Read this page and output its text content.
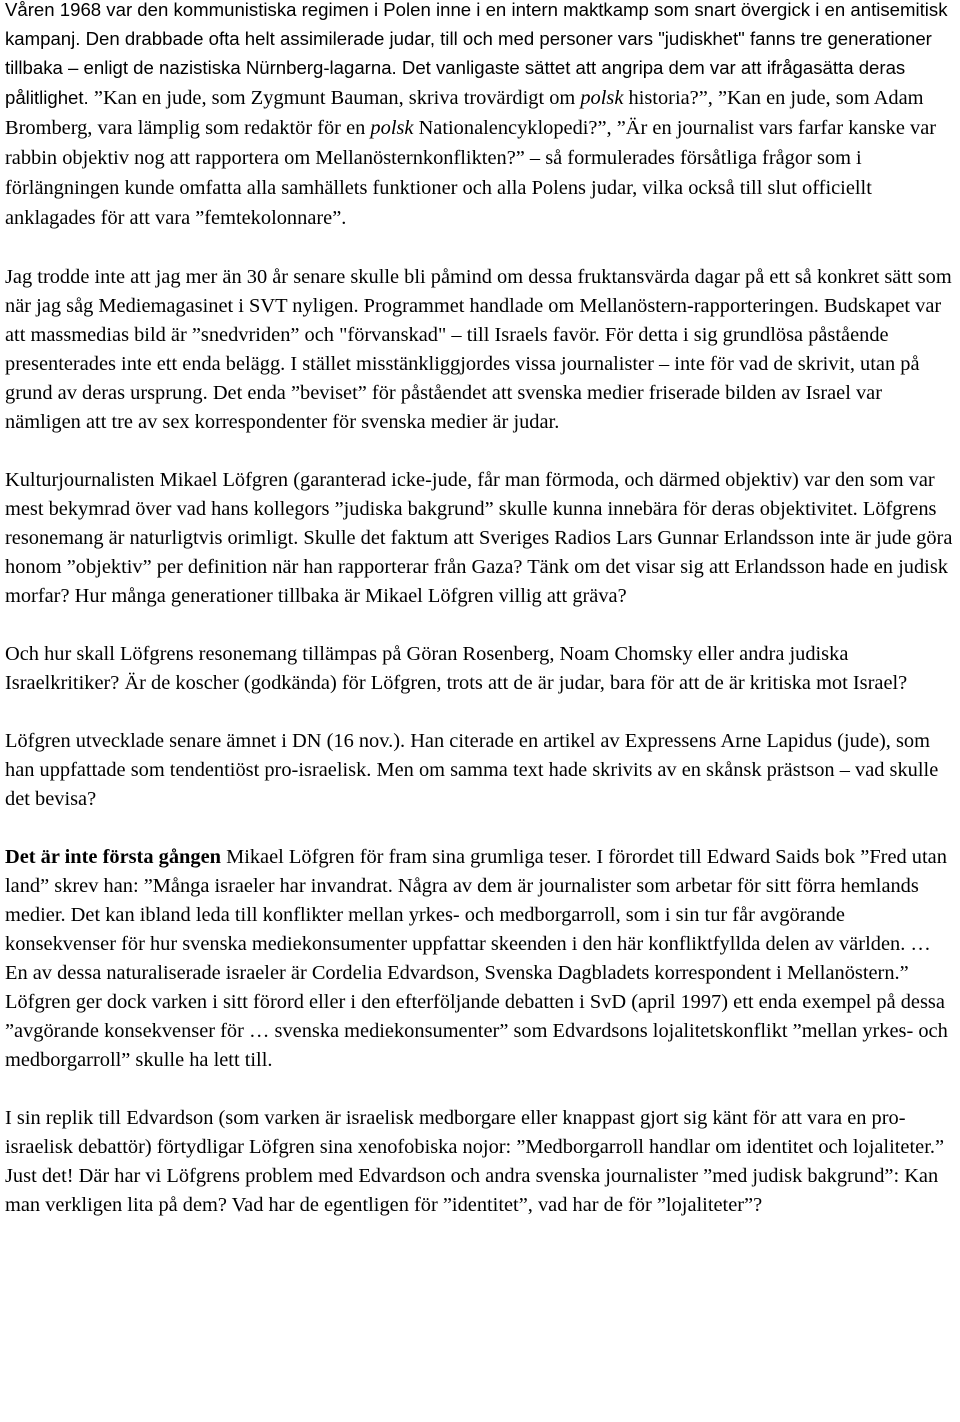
Våren 1968 var den kommunistiska regimen i Polen inne i en intern maktkamp som snart övergick i en antisemitisk kampanj. Den drabbade ofta helt assimilerade judar, till och med personer vars "judiskhet" fanns tre generationer tillbaka – enligt de nazistiska Nürnberg-lagarna. Det vanligaste sättet att angripa dem var att ifrågasätta deras pålitlighet. ”Kan en jude, som Zygmunt Bauman, skriva trovärdigt om polsk historia?”, ”Kan en jude, som Adam Bromberg, vara lämplig som redaktör för en polsk Nationalencyklopedi?”, ”Är en journalist vars farfar kanske var rabbin objektiv nog att rapportera om Mellanösternkonflikten?” – så formulerades försåtliga frågor som i förlängningen kunde omfatta alla samhällets funktioner och alla Polens judar, vilka också till slut officiellt anklagades för att vara ”femtekolonnare”.

Jag trodde inte att jag mer än 30 år senare skulle bli påmind om dessa fruktansvärda dagar på ett så konkret sätt som när jag såg Mediemagasinet i SVT nyligen. Programmet handlade om Mellanöstern-rapporteringen. Budskapet var att massmedias bild är ”snedvriden” och "förvanskad" – till Israels favör. För detta i sig grundlösa påstående presenterades inte ett enda belägg. I stället misstänkliggjordes vissa journalister – inte för vad de skrivit, utan på grund av deras ursprung. Det enda ”beviset” för påståendet att svenska medier friserade bilden av Israel var nämligen att tre av sex korrespondenter för svenska medier är judar.

Kulturjournalisten Mikael Löfgren (garanterad icke-jude, får man förmoda, och därmed objektiv) var den som var mest bekymrad över vad hans kollegors ”judiska bakgrund” skulle kunna innebära för deras objektivitet. Löfgrens resonemang är naturligtvis orimligt. Skulle det faktum att Sveriges Radios Lars Gunnar Erlandsson inte är jude göra honom ”objektiv” per definition när han rapporterar från Gaza? Tänk om det visar sig att Erlandsson hade en judisk morfar? Hur många generationer tillbaka är Mikael Löfgren villig att gräva?

Och hur skall Löfgrens resonemang tillämpas på Göran Rosenberg, Noam Chomsky eller andra judiska Israelkritiker? Är de koscher (godkända) för Löfgren, trots att de är judar, bara för att de är kritiska mot Israel?

Löfgren utvecklade senare ämnet i DN (16 nov.). Han citerade en artikel av Expressens Arne Lapidus (jude), som han uppfattade som tendentiöst pro-israelisk. Men om samma text hade skrivits av en skånsk prästson – vad skulle det bevisa?

Det är inte första gången Mikael Löfgren för fram sina grumliga teser. I förordet till Edward Saids bok ”Fred utan land” skrev han: ”Många israeler har invandrat. Några av dem är journalister som arbetar för sitt förra hemlands medier. Det kan ibland leda till konflikter mellan yrkes- och medborgarroll, som i sin tur får avgörande konsekvenser för hur svenska mediekonsumenter uppfattar skeenden i den här konfliktfyllda delen av världen. … En av dessa naturaliserade israeler är Cordelia Edvardson, Svenska Dagbladets korrespondent i Mellanöstern.” Löfgren ger dock varken i sitt förord eller i den efterföljande debatten i SvD (april 1997) ett enda exempel på dessa ”avgörande konsekvenser för … svenska mediekonsumenter” som Edvardsons lojalitetskonflikt ”mellan yrkes- och medborgarroll” skulle ha lett till.

I sin replik till Edvardson (som varken är israelisk medborgare eller knappast gjort sig känt för att vara en pro-israelisk debattör) förtydligar Löfgren sina xenofobiska nojor: ”Medborgarroll handlar om identitet och lojaliteter.” Just det! Där har vi Löfgrens problem med Edvardson och andra svenska journalister ”med judisk bakgrund”: Kan man verkligen lita på dem? Vad har de egentligen för ”identitet”, vad har de för ”lojaliteter”?
